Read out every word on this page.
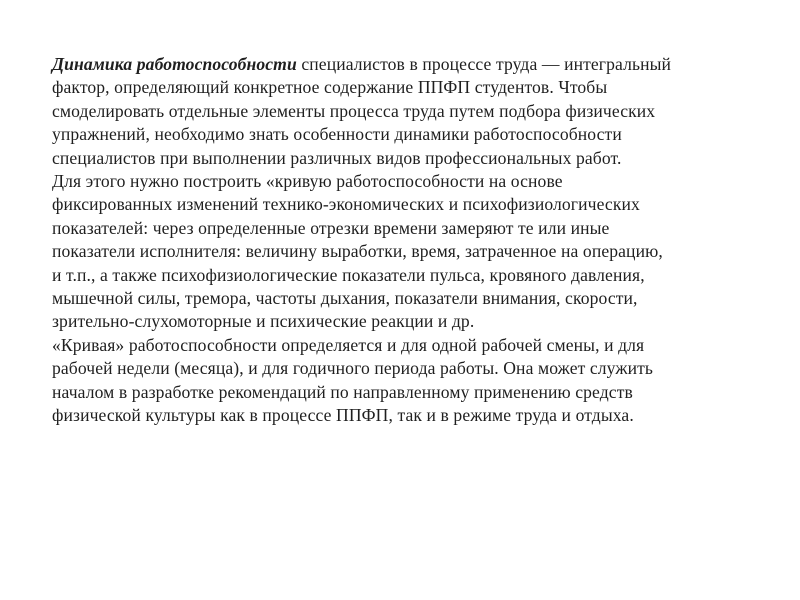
Динамика работоспособности специалистов в процессе труда — интегральный
фактор, определяющий конкретное содержание ППФП студентов. Чтобы
смоделировать отдельные элементы процесса труда путем подбора физических
упражнений, необходимо знать особенности динамики работоспособности
специалистов при выполнении различных видов профессиональных работ.
Для этого нужно построить «кривую работоспособности на основе
фиксированных изменений технико-экономических и психофизиологических
показателей: через определенные отрезки времени замеряют те или иные
показатели исполнителя: величину выработки, время, затраченное на операцию,
и т.п., а также психофизиологические показатели пульса, кровяного давления,
мышечной силы, тремора, частоты дыхания, показатели внимания, скорости,
зрительно-слухомоторные и психические реакции и др.
«Кривая» работоспособности определяется и для одной рабочей смены, и для
рабочей недели (месяца), и для годичного периода работы. Она может служить
началом в разработке рекомендаций по направленному применению средств
физической культуры как в процессе ППФП, так и в режиме труда и отдыха.
